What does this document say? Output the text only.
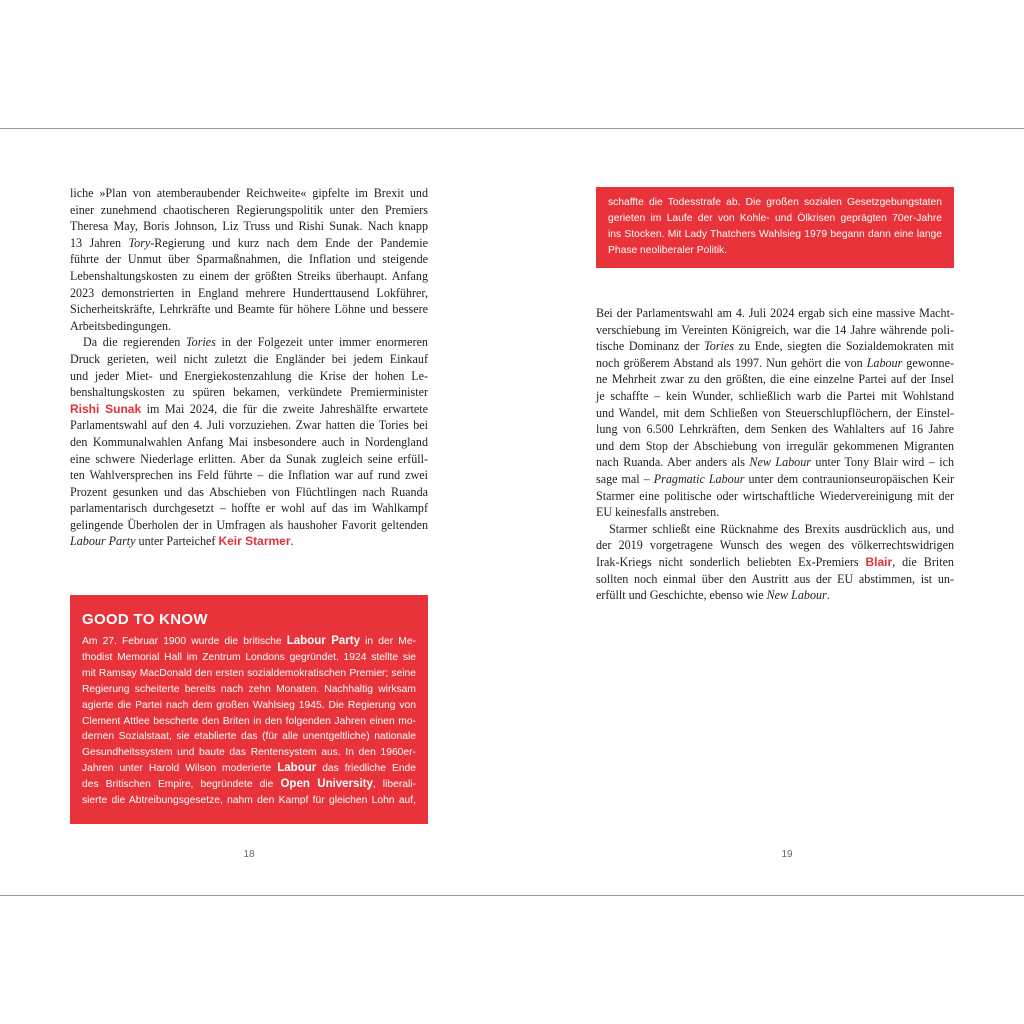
liche »Plan von atemberaubender Reichweite« gipfelte im Brexit und
einer zunehmend chaotischeren Regierungspolitik unter den Premiers
Theresa May, Boris Johnson, Liz Truss und Rishi Sunak. Nach knapp
13 Jahren Tory-Regierung und kurz nach dem Ende der Pandemie
führte der Unmut über Sparmaßnahmen, die Inflation und steigende
Lebenshaltungskosten zu einem der größten Streiks überhaupt. Anfang
2023 demonstrierten in England mehrere Hunderttausend Lokführer,
Sicherheitskräfte, Lehrkräfte und Beamte für höhere Löhne und bessere
Arbeitsbedingungen.

Da die regierenden Tories in der Folgezeit unter immer enormeren
Druck gerieten, weil nicht zuletzt die Engländer bei jedem Einkauf
und jeder Miet- und Energiekostenzahlung die Krise der hohen Le-
benshaltungskosten zu spüren bekamen, verkündete Premierminister
Rishi Sunak im Mai 2024, die für die zweite Jahreshälfte erwartete
Parlamentswahl auf den 4. Juli vorzuziehen. Zwar hatten die Tories bei
den Kommunalwahlen Anfang Mai insbesondere auch in Nordengland
eine schwere Niederlage erlitten. Aber da Sunak zugleich seine erfüll-
ten Wahlversprechen ins Feld führte – die Inflation war auf rund zwei
Prozent gesunken und das Abschieben von Flüchtlingen nach Ruanda
parlamentarisch durchgesetzt – hoffte er wohl auf das im Wahlkampf
gelingende Überholen der in Umfragen als haushoher Favorit geltenden
Labour Party unter Parteichef Keir Starmer.

GOOD TO KNOW
Am 27. Februar 1900 wurde die britische Labour Party in der Me-
thodist Memorial Hall im Zentrum Londons gegründet. 1924 stellte sie
mit Ramsay MacDonald den ersten sozialdemokratischen Premier; seine
Regierung scheiterte bereits nach zehn Monaten. Nachhaltig wirksam
agierte die Partei nach dem großen Wahlsieg 1945. Die Regierung von
Clement Attlee bescherte den Briten in den folgenden Jahren einen mo-
dernen Sozialstaat, sie etablierte das (für alle unentgeltliche) nationale
Gesundheitssystem und baute das Rentensystem aus. In den 1960er-
Jahren unter Harold Wilson moderierte Labour das friedliche Ende
des Britischen Empire, begründete die Open University, liberali-
sierte die Abtreibungsgesetze, nahm den Kampf für gleichen Lohn auf,
18
schaffte die Todesstrafe ab. Die großen sozialen Gesetzgebungstaten
gerieten im Laufe der von Kohle- und Ölkrisen geprägten 70er-Jahre
ins Stocken. Mit Lady Thatchers Wahlsieg 1979 begann dann eine lange
Phase neoliberaler Politik.

Bei der Parlamentswahl am 4. Juli 2024 ergab sich eine massive Macht-
verschiebung im Vereinten Königreich, war die 14 Jahre währende poli-
tische Dominanz der Tories zu Ende, siegten die Sozialdemokraten mit
noch größerem Abstand als 1997. Nun gehört die von Labour gewonne-
ne Mehrheit zwar zu den größten, die eine einzelne Partei auf der Insel
je schaffte – kein Wunder, schließlich warb die Partei mit Wohlstand
und Wandel, mit dem Schließen von Steuerschlupflöchern, der Einstel-
lung von 6.500 Lehrkräften, dem Senken des Wahlalters auf 16 Jahre
und dem Stop der Abschiebung von irregulär gekommenen Migranten
nach Ruanda. Aber anders als New Labour unter Tony Blair wird – ich
sage mal – Pragmatic Labour unter dem contraunionseuropäischen Keir
Starmer eine politische oder wirtschaftliche Wiedervereinigung mit der
EU keinesfalls anstreben.

Starmer schließt eine Rücknahme des Brexits ausdrücklich aus, und
der 2019 vorgetragene Wunsch des wegen des völkerrechtswidrigen
Irak-Kriegs nicht sonderlich beliebten Ex-Premiers Blair, die Briten
sollten noch einmal über den Austritt aus der EU abstimmen, ist un-
erfüllt und Geschichte, ebenso wie New Labour.

19
